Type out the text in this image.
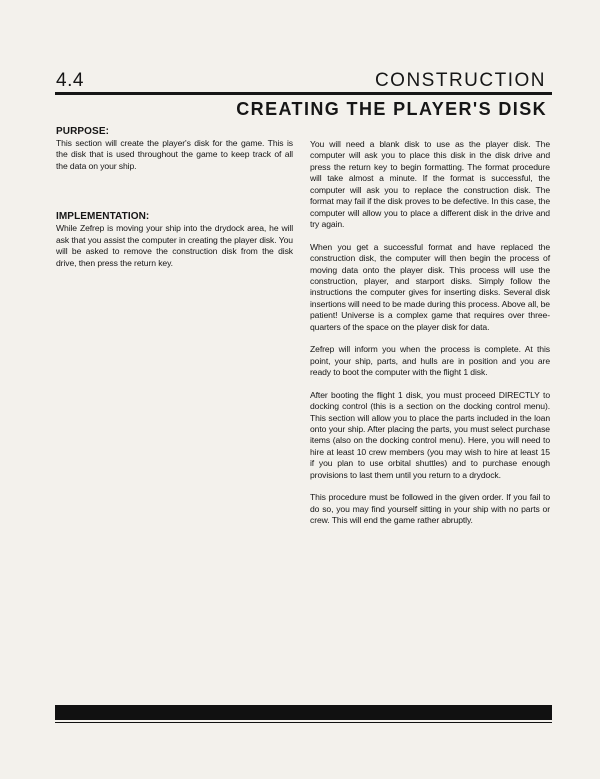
4.4	CONSTRUCTION
CREATING THE PLAYER'S DISK
PURPOSE:

This section will create the player's disk for the game. This is the disk that is used throughout the game to keep track of all the data on your ship.

IMPLEMENTATION:

While Zefrep is moving your ship into the drydock area, he will ask that you assist the computer in creating the player disk. You will be asked to remove the construction disk from the disk drive, then press the return key.

You will need a blank disk to use as the player disk. The computer will ask you to place this disk in the disk drive and press the return key to begin formatting. The format procedure will take almost a minute. If the format is successful, the computer will ask you to replace the construction disk. The format may fail if the disk proves to be defective. In this case, the computer will allow you to place a different disk in the drive and try again.

When you get a successful format and have replaced the construction disk, the computer will then begin the process of moving data onto the player disk. This process will use the construction, player, and starport disks. Simply follow the instructions the computer gives for inserting disks. Several disk insertions will need to be made during this process. Above all, be patient! Universe is a complex game that requires over three-quarters of the space on the player disk for data.

Zefrep will inform you when the process is complete. At this point, your ship, parts, and hulls are in position and you are ready to boot the computer with the flight 1 disk.

After booting the flight 1 disk, you must proceed DIRECTLY to docking control (this is a section on the docking control menu). This section will allow you to place the parts included in the loan onto your ship. After placing the parts, you must select purchase items (also on the docking control menu). Here, you will need to hire at least 10 crew members (you may wish to hire at least 15 if you plan to use orbital shuttles) and to purchase enough provisions to last them until you return to a drydock.

This procedure must be followed in the given order. If you fail to do so, you may find yourself sitting in your ship with no parts or crew. This will end the game rather abruptly.
